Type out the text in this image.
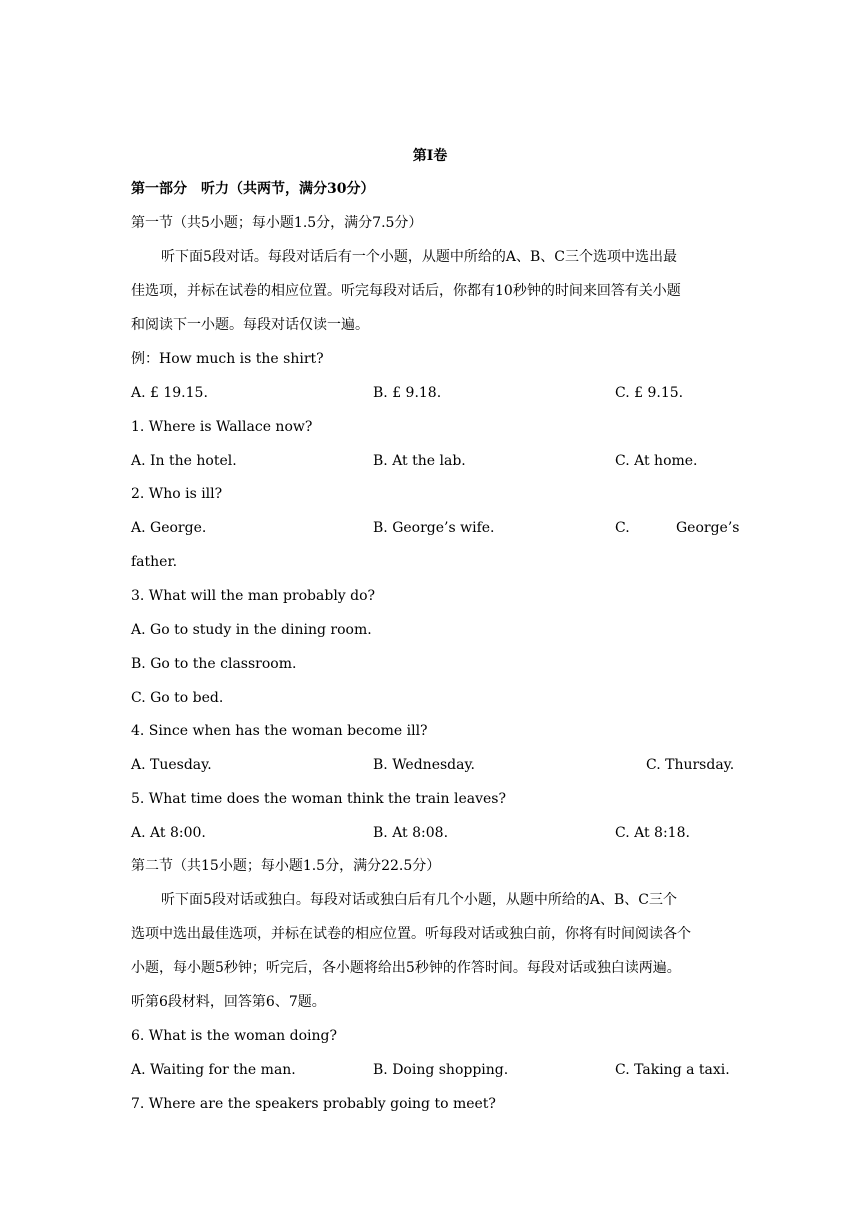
第I卷
第一部分　听力（共两节，满分30分）
第一节（共5小题；每小题1.5分，满分7.5分）
听下面5段对话。每段对话后有一个小题，从题中所给的A、B、C三个选项中选出最
佳选项，并标在试卷的相应位置。听完每段对话后，你都有10秒钟的时间来回答有关小题
和阅读下一小题。每段对话仅读一遍。
例：How much is the shirt?
A. £ 19.15.	B. £ 9.18.	C. £ 9.15.
1. Where is Wallace now?
A. In the hotel.	B. At the lab.	C. At home.
2. Who is ill?
A. George.	B. George’s wife.	C.	George’s
father.
3. What will the man probably do?
A. Go to study in the dining room.
B. Go to the classroom.
C. Go to bed.
4. Since when has the woman become ill?
A. Tuesday.	B. Wednesday.	C. Thursday.
5. What time does the woman think the train leaves?
A. At 8:00.	B. At 8:08.	C. At 8:18.
第二节（共15小题；每小题1.5分，满分22.5分）
听下面5段对话或独白。每段对话或独白后有几个小题，从题中所给的A、B、C三个
选项中选出最佳选项，并标在试卷的相应位置。听每段对话或独白前，你将有时间阅读各个
小题，每小题5秒钟；听完后，各小题将给出5秒钟的作答时间。每段对话或独白读两遍。
听第6段材料，回答第6、7题。
6. What is the woman doing?
A. Waiting for the man.	B. Doing shopping.	C. Taking a taxi.
7. Where are the speakers probably going to meet?
